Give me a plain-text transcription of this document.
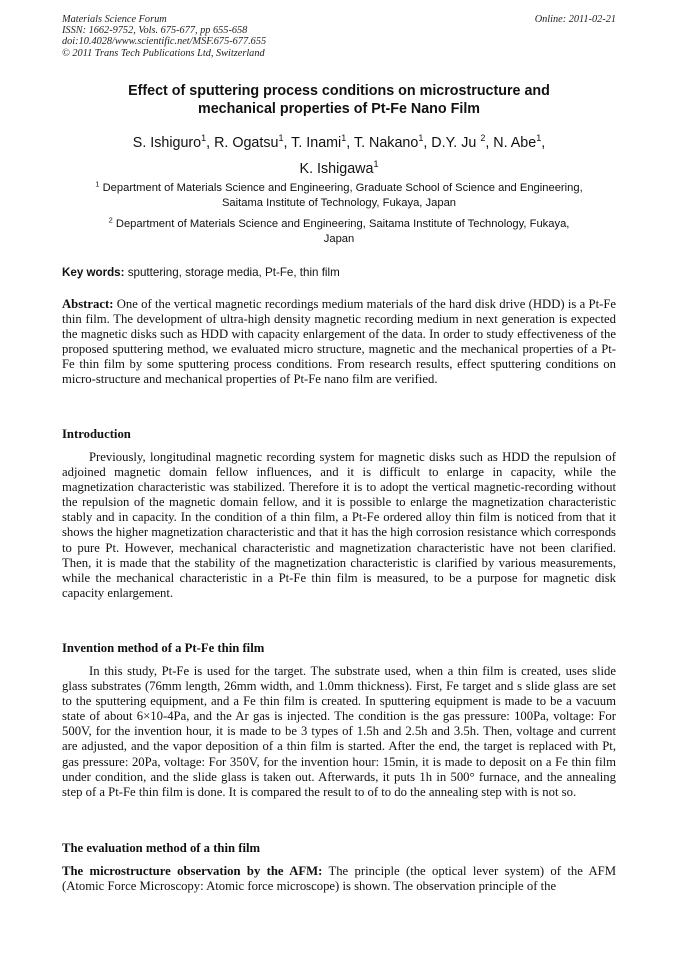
Materials Science Forum
ISSN: 1662-9752, Vols. 675-677, pp 655-658
doi:10.4028/www.scientific.net/MSF.675-677.655
© 2011 Trans Tech Publications Ltd, Switzerland
Online: 2011-02-21
Effect of sputtering process conditions on microstructure and
mechanical properties of Pt-Fe Nano Film
S. Ishiguro$^1$, R. Ogatsu$^1$, T. Inami$^1$, T. Nakano$^1$, D.Y. Ju $^2$, N. Abe$^1$,
K. Ishigawa$^1$
$^1$ Department of Materials Science and Engineering, Graduate School of Science and Engineering,
Saitama Institute of Technology, Fukaya, Japan
$^2$ Department of Materials Science and Engineering, Saitama Institute of Technology, Fukaya,
Japan
Key words: sputtering, storage media, Pt-Fe, thin film
Abstract: One of the vertical magnetic recordings medium materials of the hard disk drive (HDD) is a Pt-Fe thin film. The development of ultra-high density magnetic recording medium in next generation is expected the magnetic disks such as HDD with capacity enlargement of the data. In order to study effectiveness of the proposed sputtering method, we evaluated micro structure, magnetic and the mechanical properties of a Pt-Fe thin film by some sputtering process conditions. From research results, effect sputtering conditions on micro-structure and mechanical properties of Pt-Fe nano film are verified.
Introduction
Previously, longitudinal magnetic recording system for magnetic disks such as HDD the repulsion of adjoined magnetic domain fellow influences, and it is difficult to enlarge in capacity, while the magnetization characteristic was stabilized. Therefore it is to adopt the vertical magnetic-recording without the repulsion of the magnetic domain fellow, and it is possible to enlarge the magnetization characteristic stably and in capacity. In the condition of a thin film, a Pt-Fe ordered alloy thin film is noticed from that it shows the higher magnetization characteristic and that it has the high corrosion resistance which corresponds to pure Pt. However, mechanical characteristic and magnetization characteristic have not been clarified. Then, it is made that the stability of the magnetization characteristic is clarified by various measurements, while the mechanical characteristic in a Pt-Fe thin film is measured, to be a purpose for magnetic disk capacity enlargement.
Invention method of a Pt-Fe thin film
In this study, Pt-Fe is used for the target. The substrate used, when a thin film is created, uses slide glass substrates (76mm length, 26mm width, and 1.0mm thickness). First, Fe target and s slide glass are set to the sputtering equipment, and a Fe thin film is created. In sputtering equipment is made to be a vacuum state of about 6×10-4Pa, and the Ar gas is injected. The condition is the gas pressure: 100Pa, voltage: For 500V, for the invention hour, it is made to be 3 types of 1.5h and 2.5h and 3.5h. Then, voltage and current are adjusted, and the vapor deposition of a thin film is started. After the end, the target is replaced with Pt, gas pressure: 20Pa, voltage: For 350V, for the invention hour: 15min, it is made to deposit on a Fe thin film under condition, and the slide glass is taken out. Afterwards, it puts 1h in 500° furnace, and the annealing step of a Pt-Fe thin film is done. It is compared the result to of to do the annealing step with is not so.
The evaluation method of a thin film
The microstructure observation by the AFM: The principle (the optical lever system) of the AFM (Atomic Force Microscopy: Atomic force microscope) is shown. The observation principle of the
